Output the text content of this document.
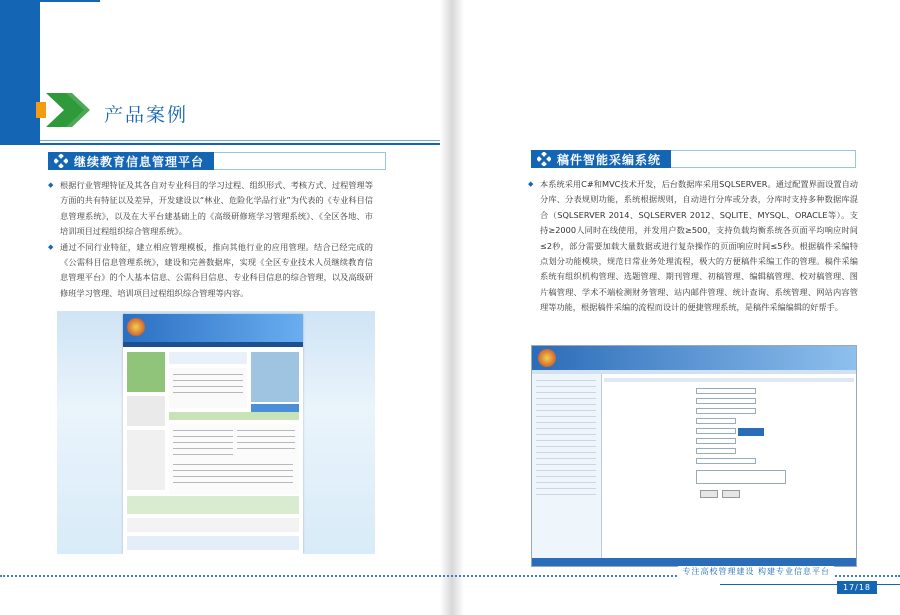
产品案例
继续教育信息管理平台

◆ 根据行业管理特征及其各自对专业科目的学习过程、组织形式、考核方式、过程管理等方面的共有特征以及差异，开发建设以“林业、危险化学品行业”为代表的《专业科目信息管理系统》，以及在大平台建基础上的《高级研修班学习管理系统》、《全区各地、市培训项目过程组织综合管理系统》。

◆ 通过不同行业特征，建立相应管理模板，推向其他行业的应用管理。结合已经完成的《公需科目信息管理系统》，建设和完善数据库，实现《全区专业技术人员继续教育信息管理平台》的个人基本信息、公需科目信息、专业科目信息的综合管理，以及高级研修班学习管理、培训项目过程组织综合管理等内容。

稿件智能采编系统

◆ 本系统采用C#和MVC技术开发，后台数据库采用SQLSERVER。通过配置界面设置自动分库、分表规则功能，系统根据规则，自动进行分库或分表，分库时支持多种数据库混合（SQLSERVER 2014、SQLSERVER 2012、SQLITE、MYSQL、ORACLE等）。支持≥2000人同时在线使用，并发用户数≥500，支持负载均衡系统各页面平均响应时间≤2秒，部分需要加载大量数据或进行复杂操作的页面响应时间≤5秒。根据稿件采编特点划分功能模块，规范日常业务处理流程，极大的方便稿件采编工作的管理。稿件采编系统有组织机构管理、选题管理、期刊管理、初稿管理、编辑稿管理、校对稿管理、图片稿管理、学术不端检测财务管理、站内邮件管理、统计查询、系统管理、网站内容管理等功能，根据稿件采编的流程而设计的便捷管理系统，是稿件采编编辑的好帮手。

专注高校管理建设 构建专业信息平台
17/18
